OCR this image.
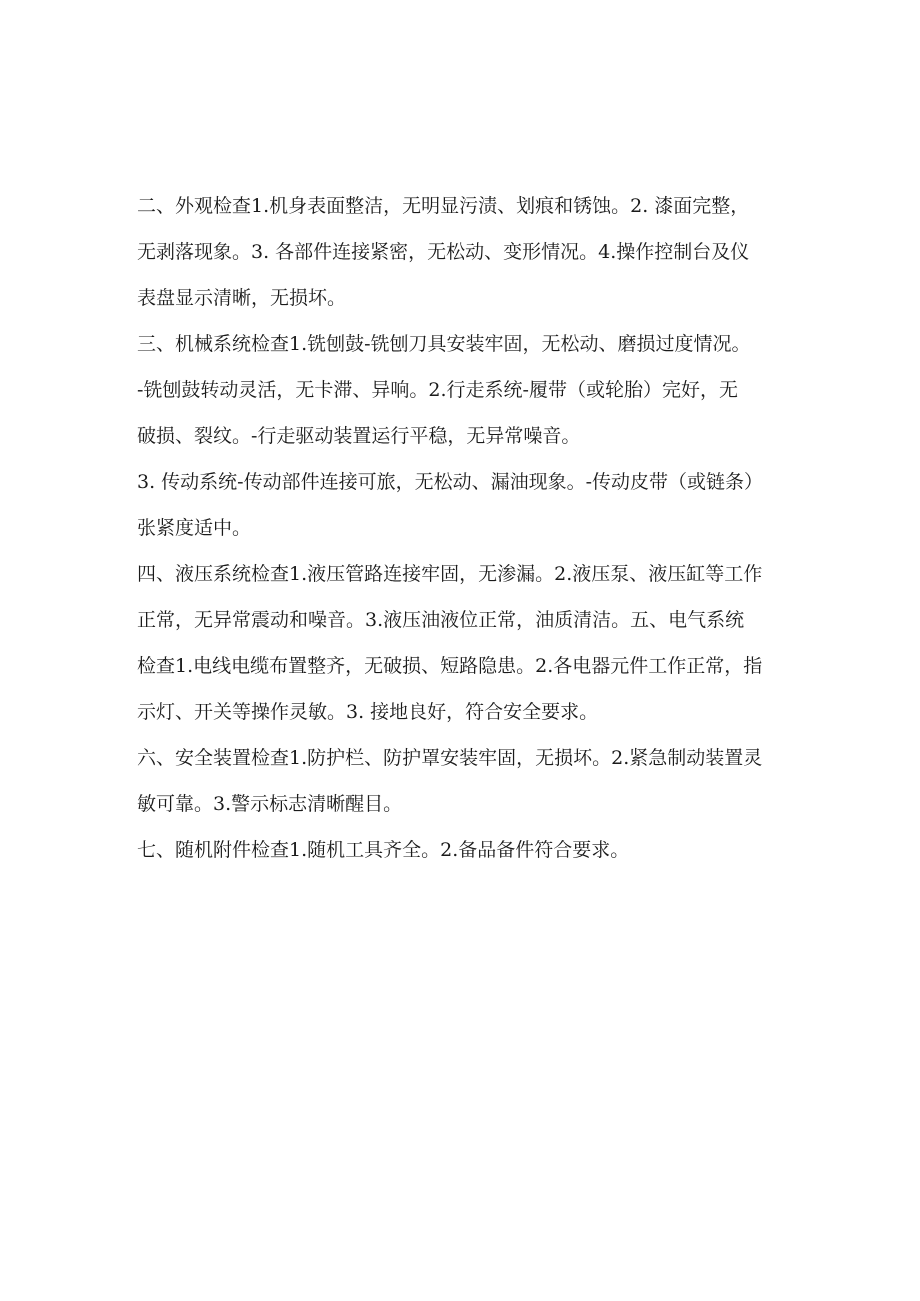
二、外观检查1.机身表面整洁，无明显污渍、划痕和锈蚀。2. 漆面完整，
无剥落现象。3. 各部件连接紧密，无松动、变形情况。4.操作控制台及仪
表盘显示清晰，无损坏。

三、机械系统检查1.铣刨鼓-铣刨刀具安装牢固，无松动、磨损过度情况。
-铣刨鼓转动灵活，无卡滞、异响。2.行走系统-履带（或轮胎）完好，无
破损、裂纹。-行走驱动装置运行平稳，无异常噪音。

3. 传动系统-传动部件连接可旅，无松动、漏油现象。-传动皮带（或链条）
张紧度适中。

四、液压系统检查1.液压管路连接牢固，无渗漏。2.液压泵、液压缸等工作
正常，无异常震动和噪音。3.液压油液位正常，油质清洁。五、电气系统
检查1.电线电缆布置整齐，无破损、短路隐患。2.各电器元件工作正常，指
示灯、开关等操作灵敏。3. 接地良好，符合安全要求。

六、安全装置检查1.防护栏、防护罩安装牢固，无损坏。2.紧急制动装置灵
敏可靠。3.警示标志清晰醒目。

七、随机附件检查1.随机工具齐全。2.备品备件符合要求。
